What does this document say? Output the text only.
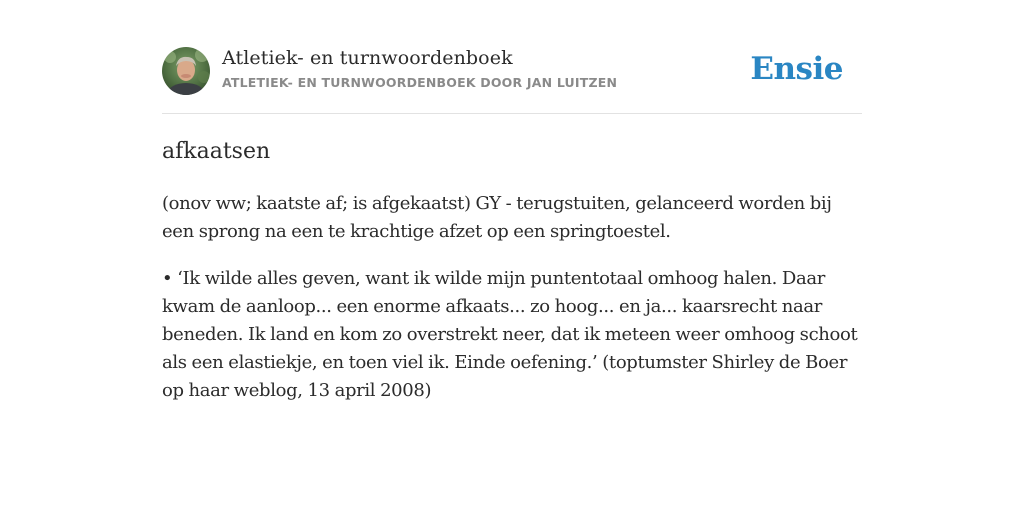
Atletiek- en turnwoordenboek
ATLETIEK- EN TURNWOORDENBOEK DOOR JAN LUITZEN	Ensie
afkaatsen

(onov ww; kaatste af; is afgekaatst) GY - terugstuiten, gelanceerd worden bij een sprong na een te krachtige afzet op een springtoestel.

• ‘Ik wilde alles geven, want ik wilde mijn puntentotaal omhoog halen. Daar kwam de aanloop... een enorme afkaats... zo hoog... en ja... kaarsrecht naar beneden. Ik land en kom zo overstrekt neer, dat ik meteen weer omhoog schoot als een elastiekje, en toen viel ik. Einde oefening.’ (toptumster Shirley de Boer op haar weblog, 13 april 2008)
